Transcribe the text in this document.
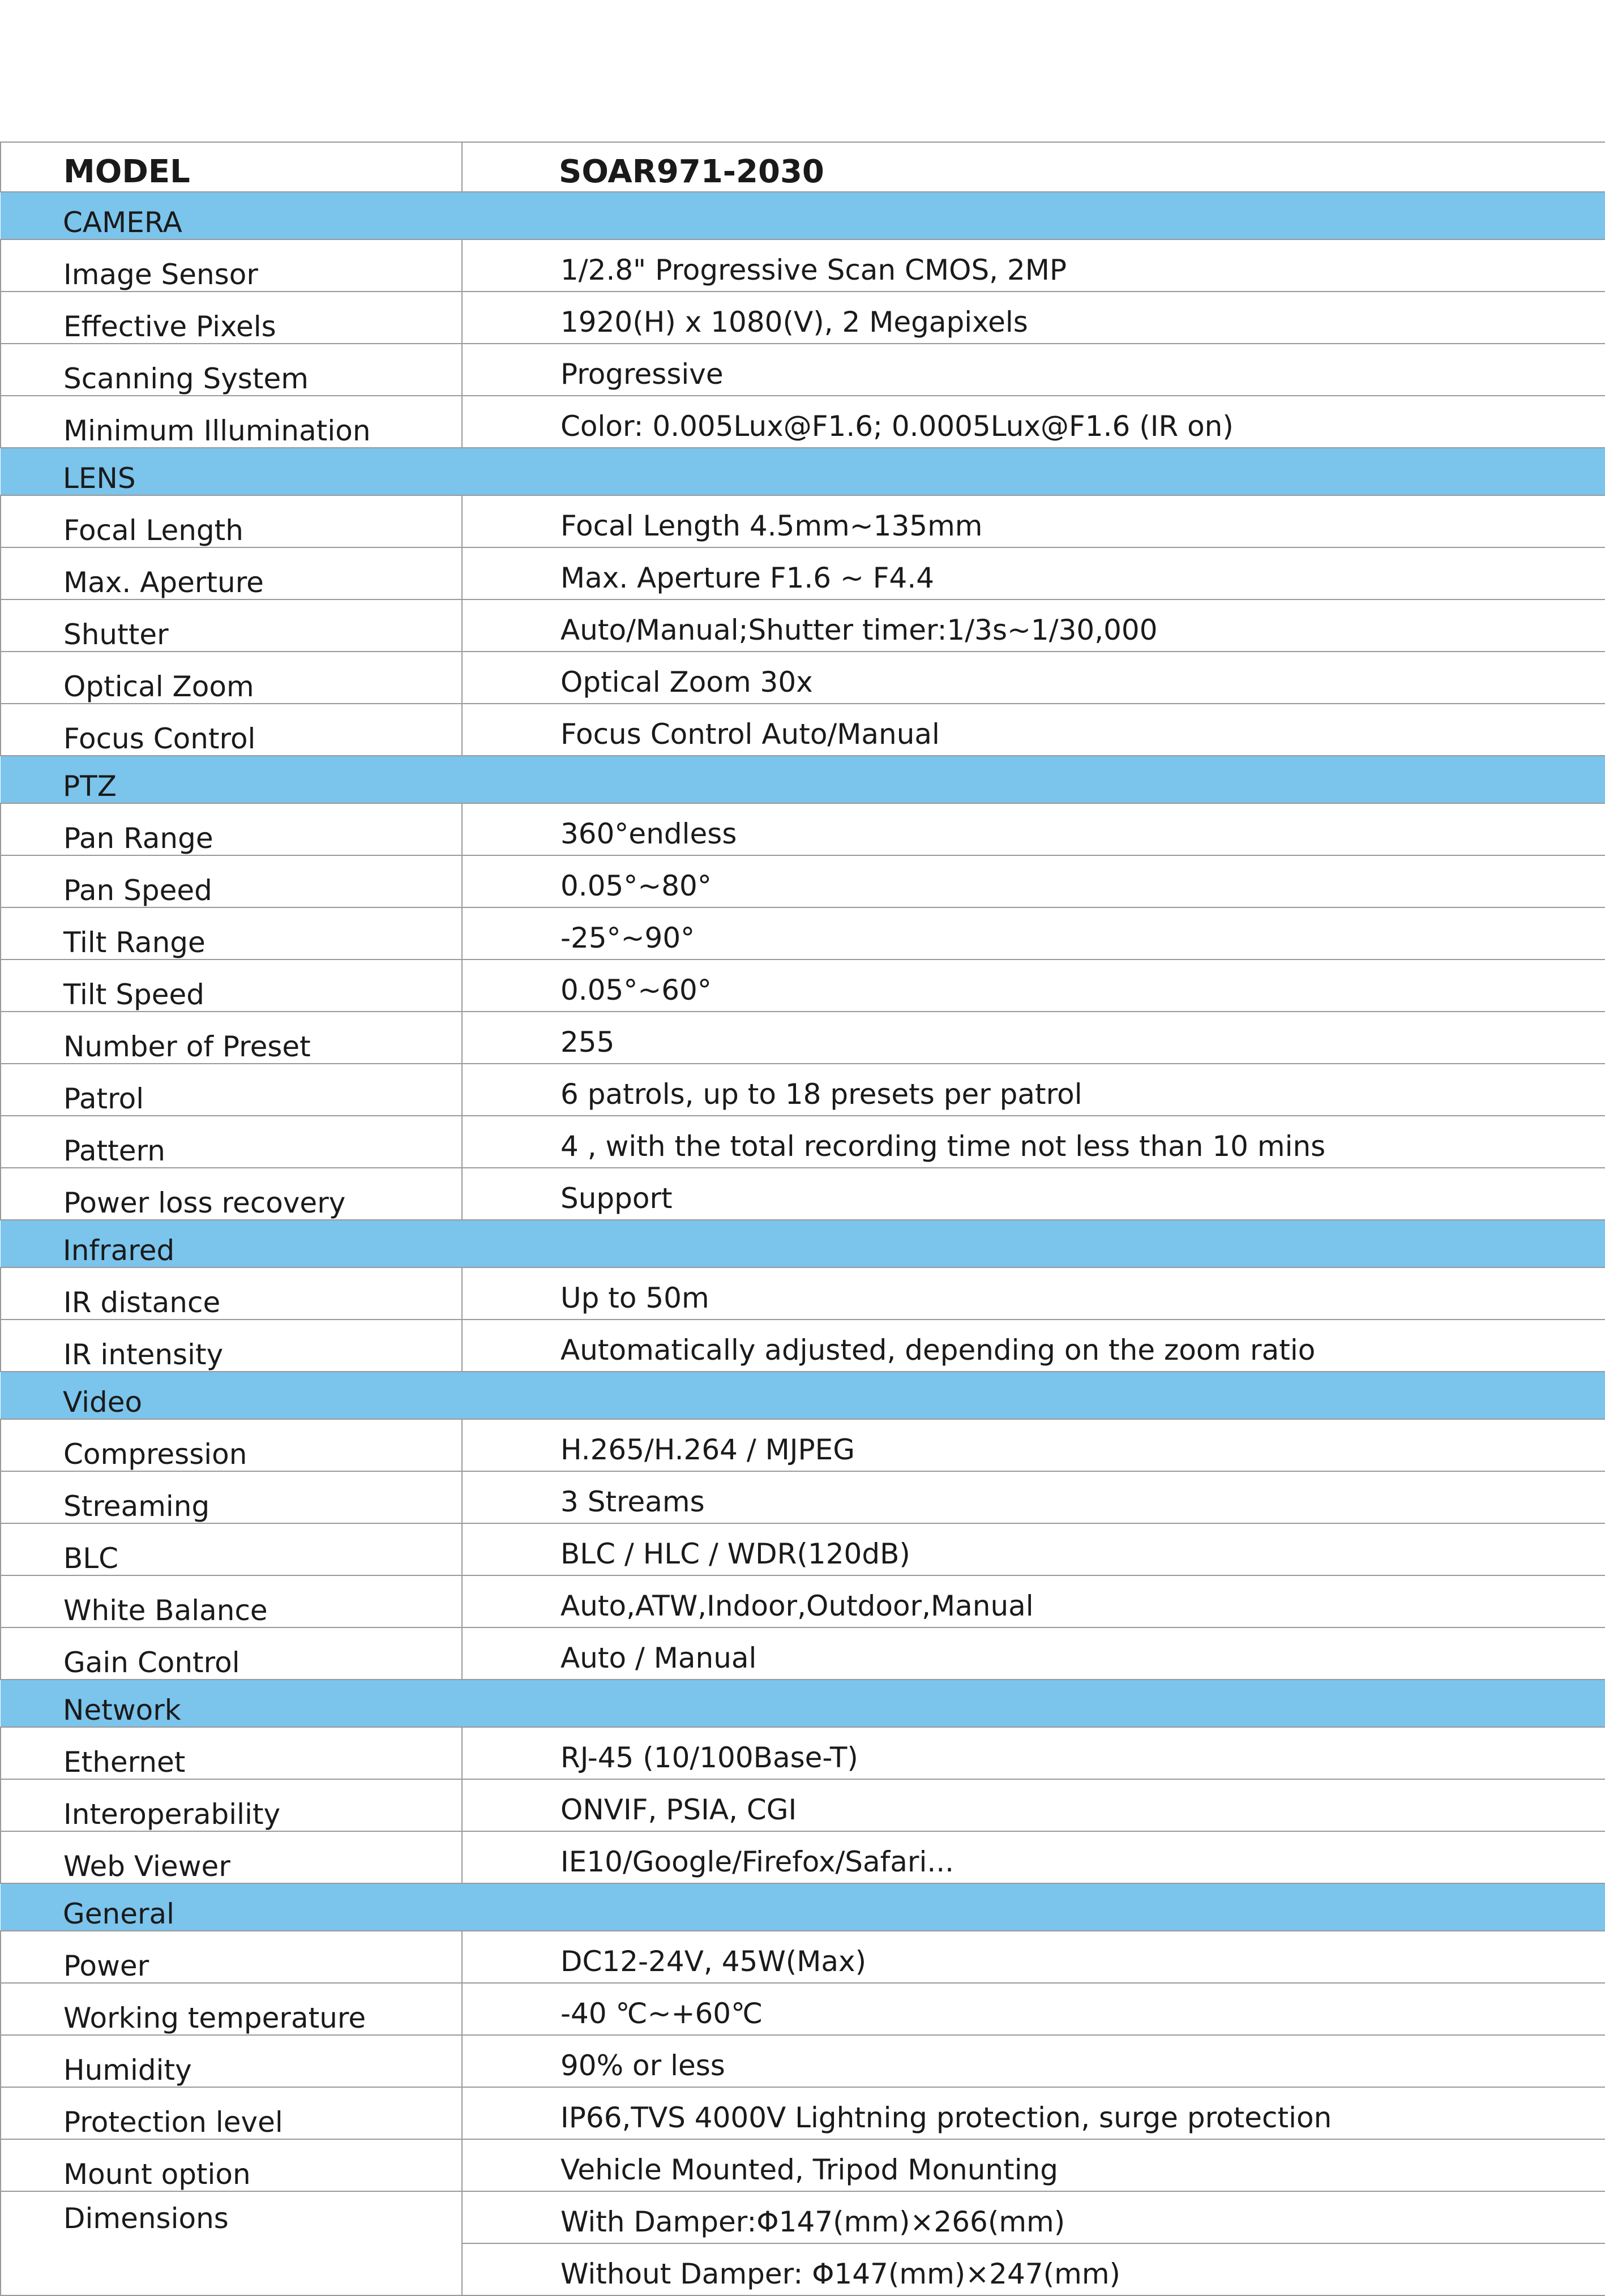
MODEL	SOAR971-2030
CAMERA	
Image Sensor	1/2.8" Progressive Scan CMOS, 2MP
Effective Pixels	1920(H) x 1080(V), 2 Megapixels
Scanning System	Progressive
Minimum Illumination	Color: 0.005Lux@F1.6; 0.0005Lux@F1.6 (IR on)
LENS	
Focal Length	Focal Length 4.5mm~135mm
Max. Aperture	Max. Aperture F1.6 ~ F4.4
Shutter	Auto/Manual;Shutter timer:1/3s~1/30,000
Optical Zoom	Optical Zoom 30x
Focus Control	Focus Control Auto/Manual
PTZ	
Pan Range	360°endless
Pan Speed	0.05°~80°
Tilt Range	-25°~90°
Tilt Speed	0.05°~60°
Number of Preset	255
Patrol	6 patrols, up to 18 presets per patrol
Pattern	4 , with the total recording time not less than 10 mins
Power loss recovery	Support
Infrared	
IR distance	Up to 50m
IR intensity	Automatically adjusted, depending on the zoom ratio
Video	
Compression	H.265/H.264 / MJPEG
Streaming	3 Streams
BLC	BLC / HLC / WDR(120dB)
White Balance	Auto,ATW,Indoor,Outdoor,Manual
Gain Control	Auto / Manual
Network	
Ethernet	RJ-45 (10/100Base-T)
Interoperability	ONVIF, PSIA, CGI
Web Viewer	IE10/Google/Firefox/Safari...
General	
Power	DC12-24V, 45W(Max)
Working temperature	-40 ℃~+60℃
Humidity	90% or less
Protection level	IP66,TVS 4000V Lightning protection, surge protection
Mount option	Vehicle Mounted, Tripod Monunting
Dimensions	With Damper:Φ147(mm)×266(mm)
	Without Damper: Φ147(mm)×247(mm)
